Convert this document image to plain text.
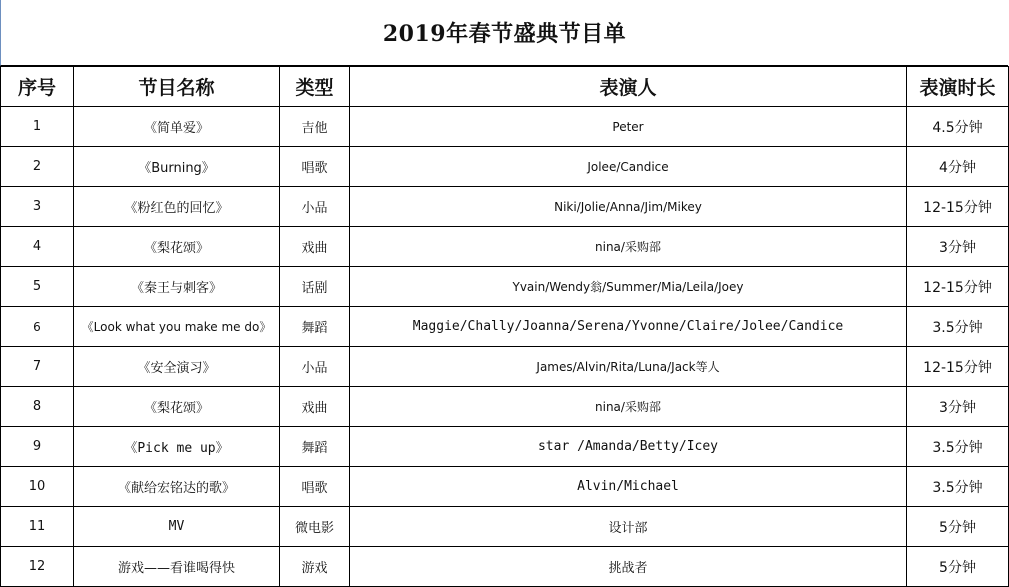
2019年春节盛典节目单
序号	节目名称	类型	表演人	表演时长
1	《简单爱》	吉他	Peter	4.5分钟
2	《Burning》	唱歌	Jolee/Candice	4分钟
3	《粉红色的回忆》	小品	Niki/Jolie/Anna/Jim/Mikey	12-15分钟
4	《梨花颂》	戏曲	nina/采购部	3分钟
5	《秦王与刺客》	话剧	Yvain/Wendy翁/Summer/Mia/Leila/Joey	12-15分钟
6	《Look what you make me do》	舞蹈	Maggie/Chally/Joanna/Serena/Yvonne/Claire/Jolee/Candice	3.5分钟
7	《安全演习》	小品	James/Alvin/Rita/Luna/Jack等人	12-15分钟
8	《梨花颂》	戏曲	nina/采购部	3分钟
9	《Pick me up》	舞蹈	star /Amanda/Betty/Icey	3.5分钟
10	《献给宏铭达的歌》	唱歌	Alvin/Michael	3.5分钟
11	MV	微电影	设计部	5分钟
12	游戏——看谁喝得快	游戏	挑战者	5分钟
